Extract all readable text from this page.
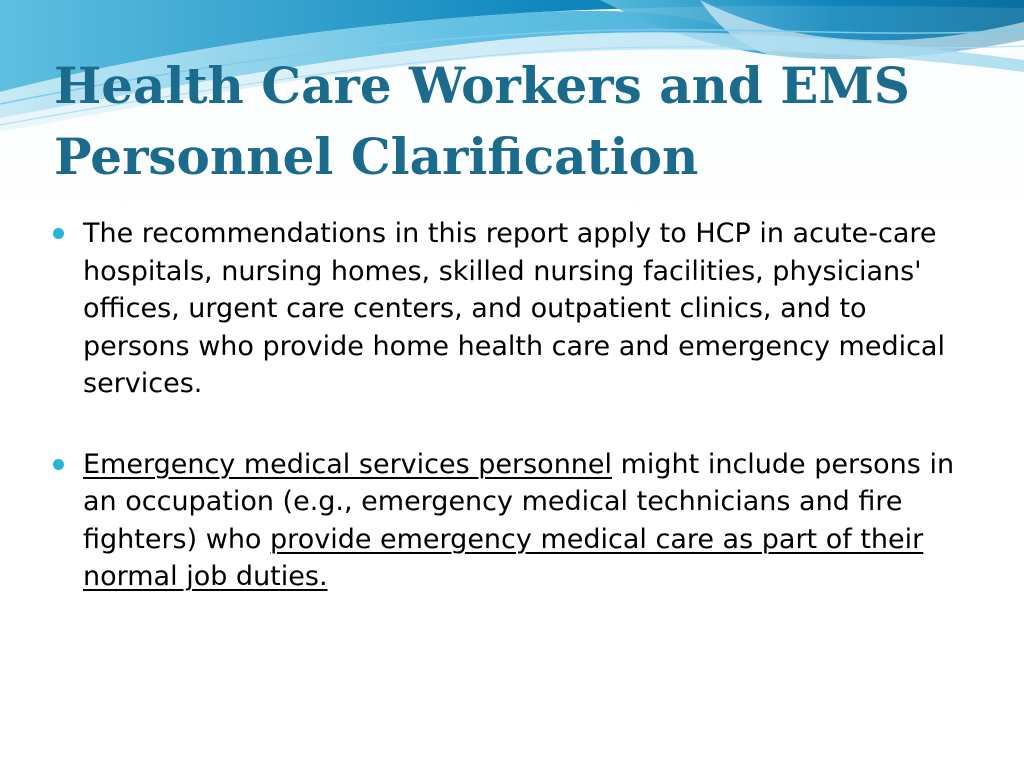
Health Care Workers and EMS
Personnel Clarification
The recommendations in this report apply to HCP in acute-care hospitals, nursing homes, skilled nursing facilities, physicians' offices, urgent care centers, and outpatient clinics, and to persons who provide home health care and emergency medical services.
Emergency medical services personnel might include persons in an occupation (e.g., emergency medical technicians and fire fighters) who provide emergency medical care as part of their normal job duties.
